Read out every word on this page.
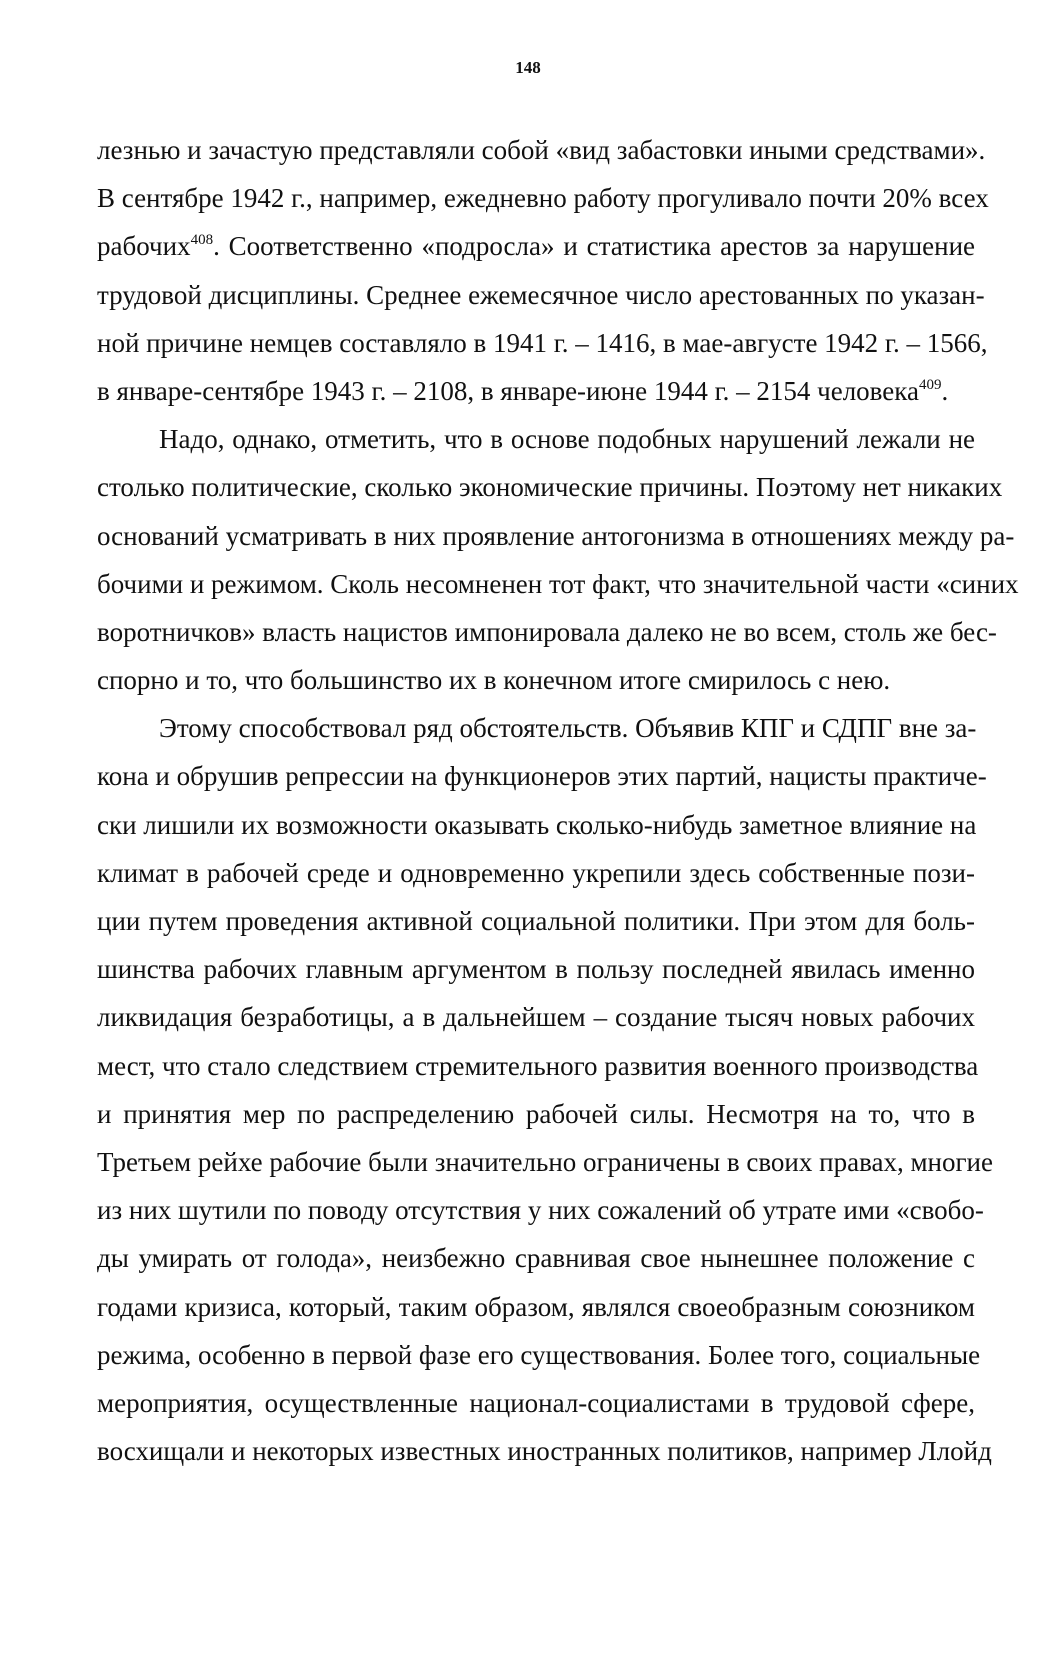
148
лезнью и зачастую представляли собой «вид забастовки иными средствами».
В сентябре 1942 г., например, ежедневно работу прогуливало почти 20% всех
рабочих$^{408}$. Соответственно «подросла» и статистика арестов за нарушение
трудовой дисциплины. Среднее ежемесячное число арестованных по указан-
ной причине немцев составляло в 1941 г. – 1416, в мае-августе 1942 г. – 1566,
в январе-сентябре 1943 г. – 2108, в январе-июне 1944 г. – 2154 человека$^{409}$.
Надо, однако, отметить, что в основе подобных нарушений лежали не
столько политические, сколько экономические причины. Поэтому нет никаких
оснований усматривать в них проявление антогонизма в отношениях между ра-
бочими и режимом. Сколь несомненен тот факт, что значительной части «синих
воротничков» власть нацистов импонировала далеко не во всем, столь же бес-
спорно и то, что большинство их в конечном итоге смирилось с нею.
Этому способствовал ряд обстоятельств. Объявив КПГ и СДПГ вне за-
кона и обрушив репрессии на функционеров этих партий, нацисты практиче-
ски лишили их возможности оказывать сколько-нибудь заметное влияние на
климат в рабочей среде и одновременно укрепили здесь собственные пози-
ции путем проведения активной социальной политики. При этом для боль-
шинства рабочих главным аргументом в пользу последней явилась именно
ликвидация безработицы, а в дальнейшем – создание тысяч новых рабочих
мест, что стало следствием стремительного развития военного производства
и принятия мер по распределению рабочей силы. Несмотря на то, что в
Третьем рейхе рабочие были значительно ограничены в своих правах, многие
из них шутили по поводу отсутствия у них сожалений об утрате ими «свобо-
ды умирать от голода», неизбежно сравнивая свое нынешнее положение с
годами кризиса, который, таким образом, являлся своеобразным союзником
режима, особенно в первой фазе его существования. Более того, социальные
мероприятия, осуществленные национал-социалистами в трудовой сфере,
восхищали и некоторых известных иностранных политиков, например Ллойд
